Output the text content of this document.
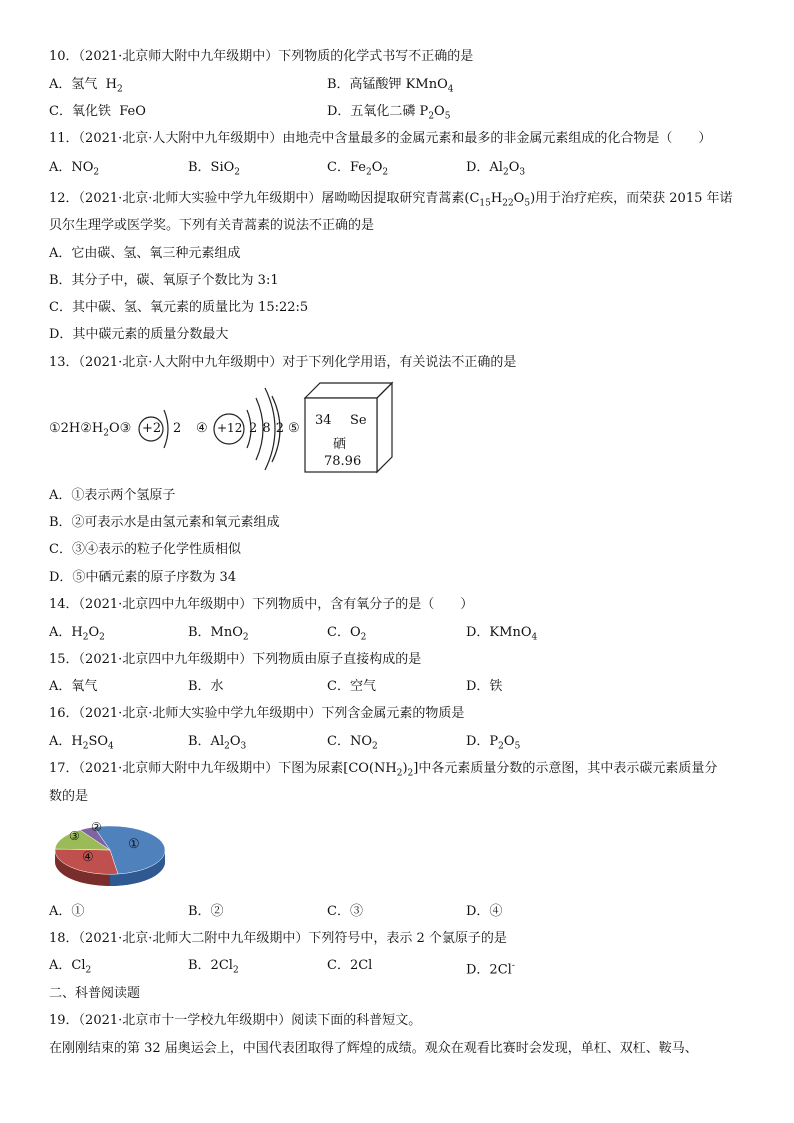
10．（2021·北京师大附中九年级期中）下列物质的化学式书写不正确的是
A．氢气 $H_2$	B．高锰酸钾 KMnO$_4$
C．氧化铁 FeO	D．五氧化二磷 $P_2O_5$
11．（2021·北京·人大附中九年级期中）由地壳中含量最多的金属元素和最多的非金属元素组成的化合物是（　　）
A．$NO_2$	B．SiO$_2$	C．$Fe_2O_2$	D．$Al_2O_3$
12．（2021·北京·北师大实验中学九年级期中）屠呦呦因提取研究青蒿素$(C_{15}H_{22}O_5)$用于治疗疟疾，而荣获 2015 年诺
贝尔生理学或医学奖。下列有关青蒿素的说法不正确的是
A．它由碳、氢、氧三种元素组成
B．其分子中，碳、氧原子个数比为 3:1
C．其中碳、氢、氧元素的质量比为 15:22:5
D．其中碳元素的质量分数最大
13．（2021·北京·人大附中九年级期中）对于下列化学用语，有关说法不正确的是
$①2H②H_2O③ +2$ 2 ④ +12 2 8 2 ⑤
34 Se
硒
78.96
A．①表示两个氢原子
B．②可表示水是由氢元素和氧元素组成
C．③④表示的粒子化学性质相似
D．⑤中硒元素的原子序数为 34
14．（2021·北京四中九年级期中）下列物质中，含有氧分子的是（　　）
A．$H_2O_2$	B．MnO$_2$	C．$O_2$	D．KMnO$_4$
15．（2021·北京四中九年级期中）下列物质由原子直接构成的是
A．氧气	B．水	C．空气	D．铁
16．（2021·北京·北师大实验中学九年级期中）下列含金属元素的物质是
A．$H_2SO_4$	B．$Al_2O_3$	C．$NO_2$	D．$P_2O_5$
17．（2021·北京师大附中九年级期中）下图为尿素$[CO(NH_2)_2]$中各元素质量分数的示意图，其中表示碳元素质量分
数的是
①
②
③
④
A．①	B．②	C．③	D．④
18．（2021·北京·北师大二附中九年级期中）下列符号中，表示 2 个氯原子的是
A．$Cl_2$	B．$2Cl_2$	C．2Cl	D．2Cl-
二、科普阅读题
19．（2021·北京市十一学校九年级期中）阅读下面的科普短文。
在刚刚结束的第 32 届奥运会上，中国代表团取得了辉煌的成绩。观众在观看比赛时会发现，单杠、双杠、鞍马、
